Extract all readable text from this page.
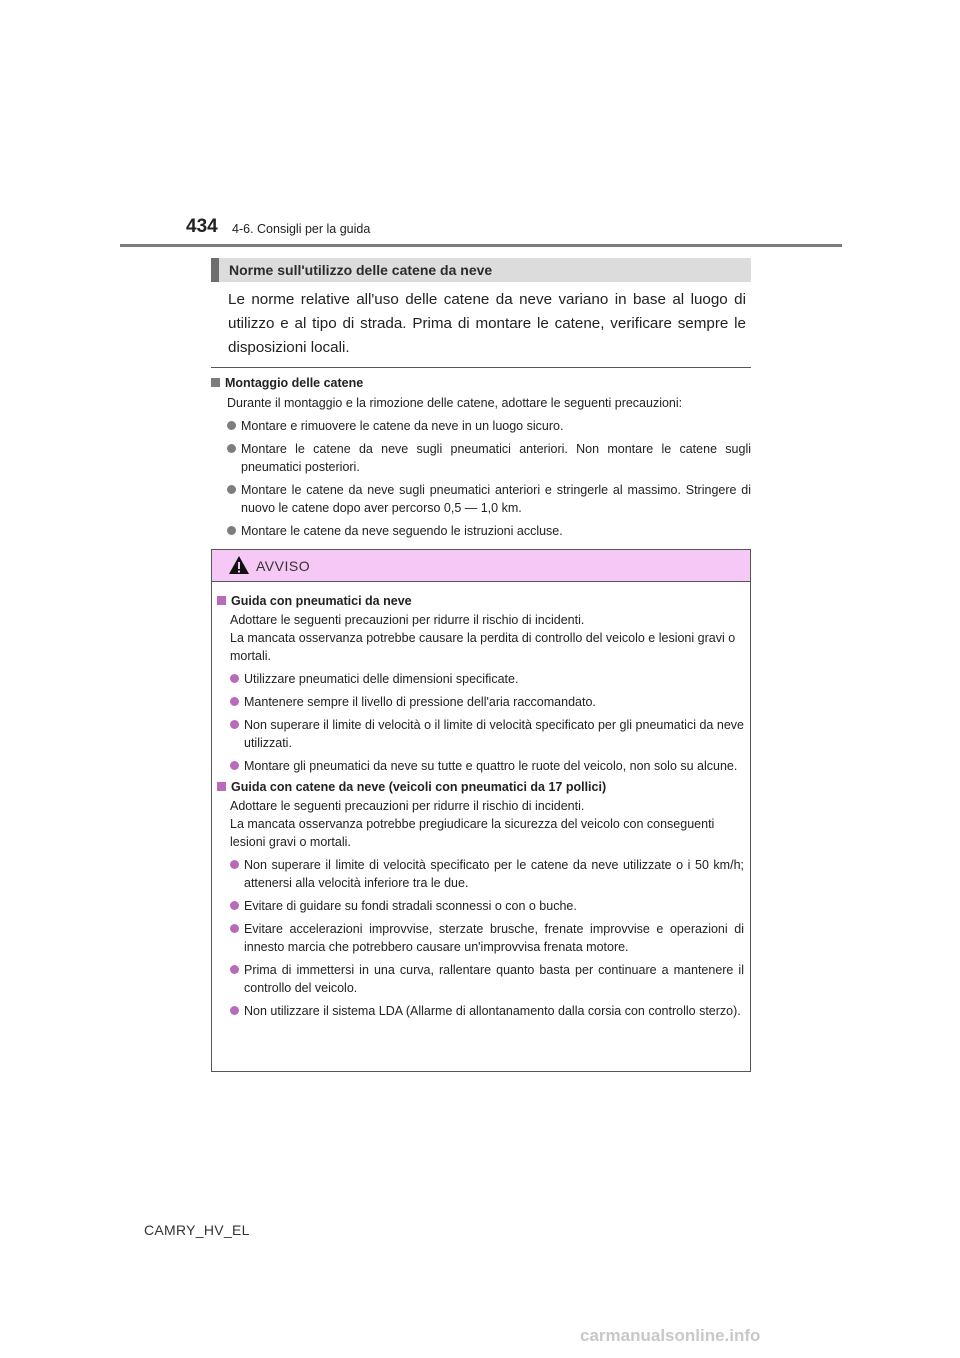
434 4-6. Consigli per la guida
Norme sull'utilizzo delle catene da neve
Le norme relative all'uso delle catene da neve variano in base al luogo di utilizzo e al tipo di strada. Prima di montare le catene, verificare sempre le disposizioni locali.
Montaggio delle catene
Durante il montaggio e la rimozione delle catene, adottare le seguenti precauzioni:
Montare e rimuovere le catene da neve in un luogo sicuro.
Montare le catene da neve sugli pneumatici anteriori. Non montare le catene sugli pneumatici posteriori.
Montare le catene da neve sugli pneumatici anteriori e stringerle al massimo. Stringere di nuovo le catene dopo aver percorso 0,5 — 1,0 km.
Montare le catene da neve seguendo le istruzioni accluse.
AVVISO
Guida con pneumatici da neve
Adottare le seguenti precauzioni per ridurre il rischio di incidenti.
La mancata osservanza potrebbe causare la perdita di controllo del veicolo e lesioni gravi o mortali.
Utilizzare pneumatici delle dimensioni specificate.
Mantenere sempre il livello di pressione dell'aria raccomandato.
Non superare il limite di velocità o il limite di velocità specificato per gli pneumatici da neve utilizzati.
Montare gli pneumatici da neve su tutte e quattro le ruote del veicolo, non solo su alcune.
Guida con catene da neve (veicoli con pneumatici da 17 pollici)
Adottare le seguenti precauzioni per ridurre il rischio di incidenti.
La mancata osservanza potrebbe pregiudicare la sicurezza del veicolo con conseguenti lesioni gravi o mortali.
Non superare il limite di velocità specificato per le catene da neve utilizzate o i 50 km/h; attenersi alla velocità inferiore tra le due.
Evitare di guidare su fondi stradali sconnessi o con o buche.
Evitare accelerazioni improvvise, sterzate brusche, frenate improvvise e operazioni di innesto marcia che potrebbero causare un'improvvisa frenata motore.
Prima di immettersi in una curva, rallentare quanto basta per continuare a mantenere il controllo del veicolo.
Non utilizzare il sistema LDA (Allarme di allontanamento dalla corsia con controllo sterzo).
CAMRY_HV_EL
carmanualsonline.info
